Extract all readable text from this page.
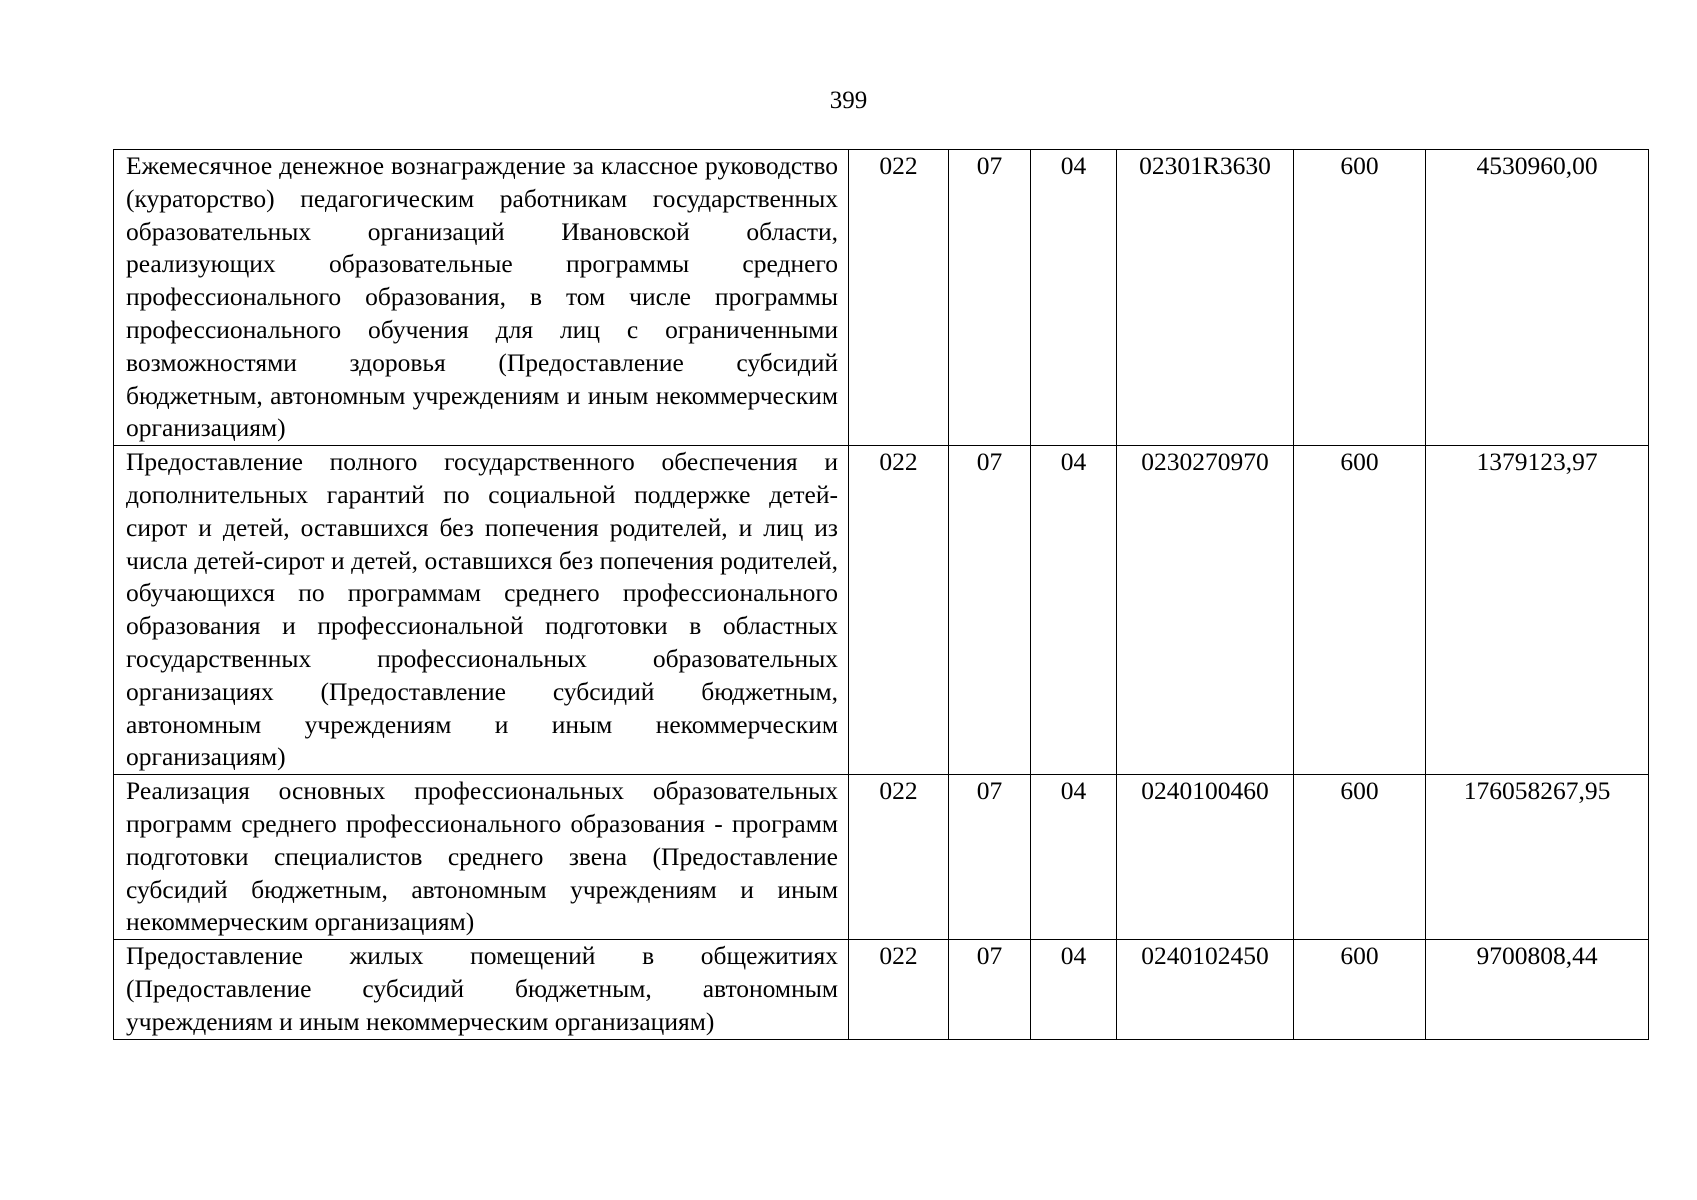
399
Ежемесячное денежное вознаграждение за классное руководство (кураторство) педагогическим работникам государственных образовательных организаций Ивановской области, реализующих образовательные программы среднего профессионального образования, в том числе программы профессионального обучения для лиц с ограниченными возможностями здоровья (Предоставление субсидий бюджетным, автономным учреждениям и иным некоммерческим организациям)	022	07	04	02301R3630	600	4530960,00
Предоставление полного государственного обеспечения и дополнительных гарантий по социальной поддержке детей-сирот и детей, оставшихся без попечения родителей, и лиц из числа детей-сирот и детей, оставшихся без попечения родителей, обучающихся по программам среднего профессионального образования и профессиональной подготовки в областных государственных профессиональных образовательных организациях (Предоставление субсидий бюджетным, автономным учреждениям и иным некоммерческим организациям)	022	07	04	0230270970	600	1379123,97
Реализация основных профессиональных образовательных программ среднего профессионального образования - программ подготовки специалистов среднего звена (Предоставление субсидий бюджетным, автономным учреждениям и иным некоммерческим организациям)	022	07	04	0240100460	600	176058267,95
Предоставление жилых помещений в общежитиях (Предоставление субсидий бюджетным, автономным учреждениям и иным некоммерческим организациям)	022	07	04	0240102450	600	9700808,44
